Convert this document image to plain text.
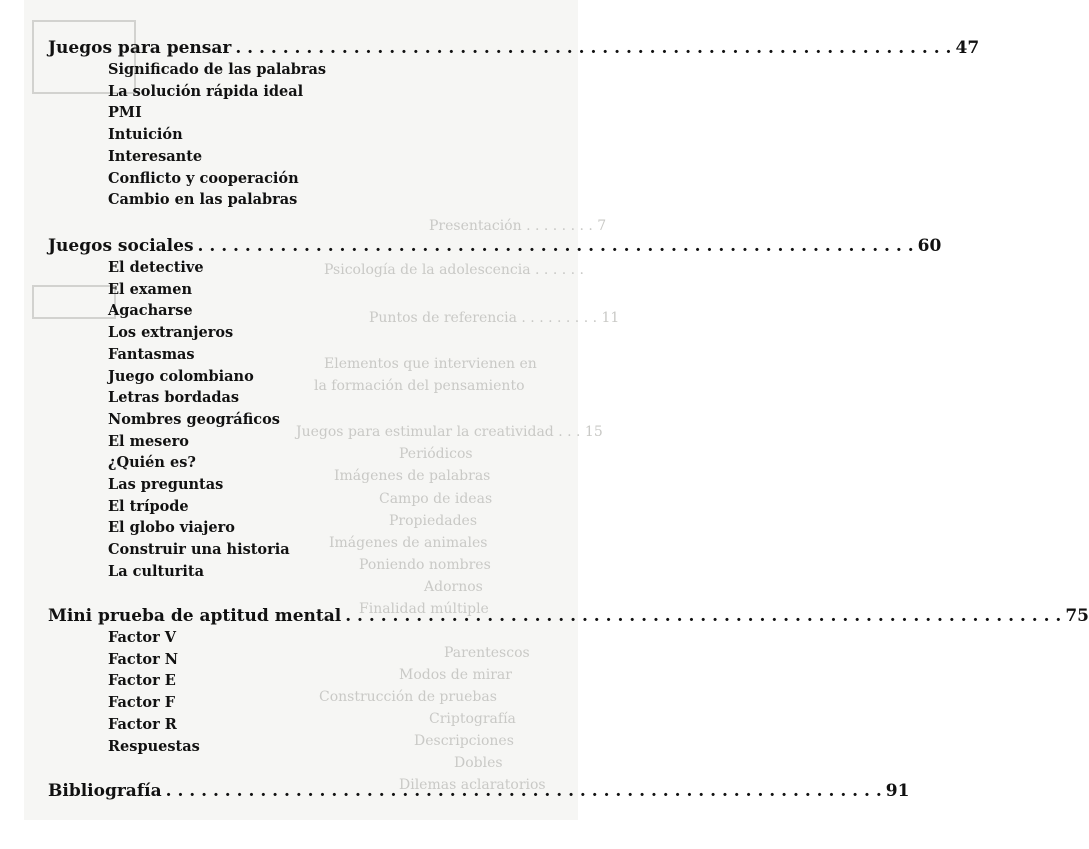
Presentación . . . . . . . . 7
Psicología de la adolescencia . . . . . .
Puntos de referencia . . . . . . . . . 11
Elementos que intervienen en
la formación del pensamiento
Juegos para estimular la creatividad . . . 15
Periódicos
Imágenes de palabras
Campo de ideas
Propiedades
Imágenes de animales
Poniendo nombres
Adornos
Finalidad múltiple
Parentescos
Modos de mirar
Construcción de pruebas
Criptografía
Descripciones
Dobles
Dilemas aclaratorios
Juegos para pensar . . .	47
Significado de las palabras
La solución rápida ideal
PMI
Intuición
Interesante
Conflicto y cooperación
Cambio en las palabras
Juegos sociales . . .	60
El detective
El examen
Agacharse
Los extranjeros
Fantasmas
Juego colombiano
Letras bordadas
Nombres geográficos
El mesero
¿Quién es?
Las preguntas
El trípode
El globo viajero
Construir una historia
La culturita
Mini prueba de aptitud mental . . .	75
Factor V
Factor N
Factor E
Factor F
Factor R
Respuestas
Bibliografía . . .	91
